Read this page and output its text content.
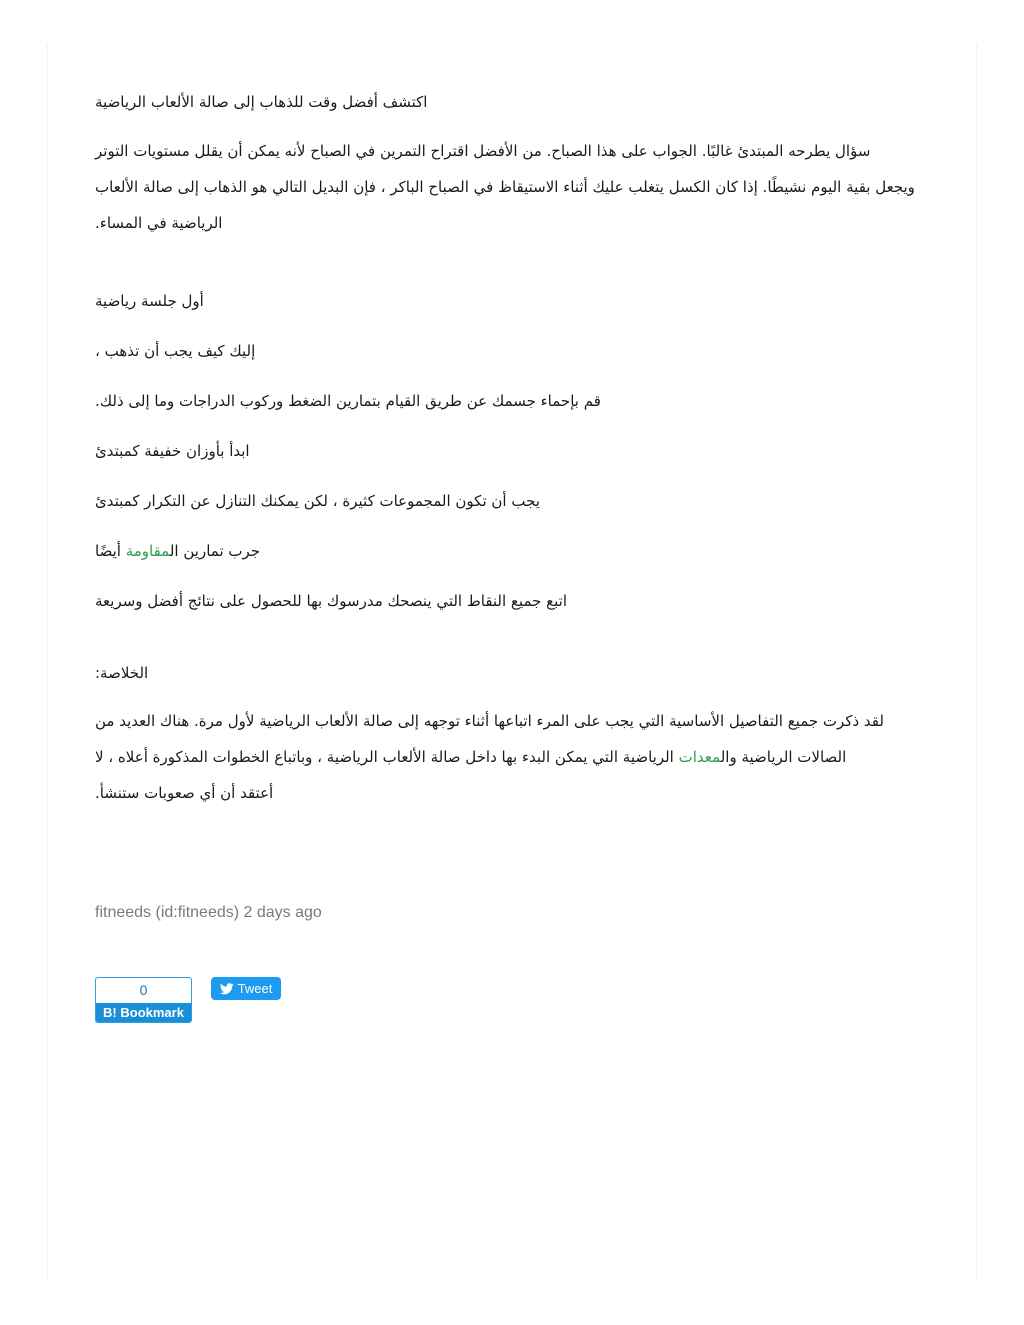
اكتشف أفضل وقت للذهاب إلى صالة الألعاب الرياضية
سؤال يطرحه المبتدئ غالبًا. الجواب على هذا الصباح. من الأفضل اقتراح التمرين في الصباح لأنه يمكن أن يقلل مستويات التوتر
ويجعل بقية اليوم نشيطًا. إذا كان الكسل يتغلب عليك أثناء الاستيقاظ في الصباح الباكر ، فإن البديل التالي هو الذهاب إلى صالة الألعاب
الرياضية في المساء.
أول جلسة رياضية
إليك كيف يجب أن تذهب ،
قم بإحماء جسمك عن طريق القيام بتمارين الضغط وركوب الدراجات وما إلى ذلك.
ابدأ بأوزان خفيفة كمبتدئ
يجب أن تكون المجموعات كثيرة ، لكن يمكنك التنازل عن التكرار كمبتدئ
جرب تمارين المقاومة أيضًا
اتبع جميع النقاط التي ينصحك مدرسوك بها للحصول على نتائج أفضل وسريعة
الخلاصة:
لقد ذكرت جميع التفاصيل الأساسية التي يجب على المرء اتباعها أثناء توجهه إلى صالة الألعاب الرياضية لأول مرة. هناك العديد من
الصالات الرياضية والمعدات الرياضية التي يمكن البدء بها داخل صالة الألعاب الرياضية ، وباتباع الخطوات المذكورة أعلاه ، لا
أعتقد أن أي صعوبات ستنشأ.
fitneeds (id:fitneeds) 2 days ago
0
B! Bookmark
Tweet
